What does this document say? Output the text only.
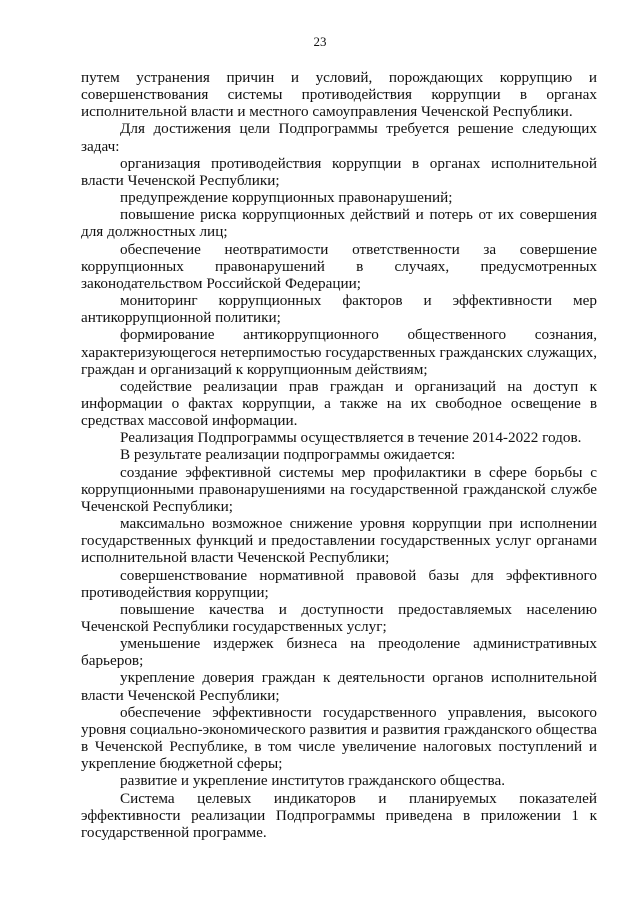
23

путем устранения причин и условий, порождающих коррупцию и совершенствования системы противодействия коррупции в органах исполнительной власти и местного самоуправления Чеченской Республики.

Для достижения цели Подпрограммы требуется решение следующих задач:

организация противодействия коррупции в органах исполнительной власти Чеченской Республики;

предупреждение коррупционных правонарушений;

повышение риска коррупционных действий и потерь от их совершения для должностных лиц;

обеспечение неотвратимости ответственности за совершение коррупционных правонарушений в случаях, предусмотренных законодательством Российской Федерации;

мониторинг коррупционных факторов и эффективности мер антикоррупционной политики;

формирование антикоррупционного общественного сознания, характеризующегося нетерпимостью государственных гражданских служащих, граждан и организаций к коррупционным действиям;

содействие реализации прав граждан и организаций на доступ к информации о фактах коррупции, а также на их свободное освещение в средствах массовой информации.

Реализация Подпрограммы осуществляется в течение 2014-2022 годов.

В результате реализации подпрограммы ожидается:

создание эффективной системы мер профилактики в сфере борьбы с коррупционными правонарушениями на государственной гражданской службе Чеченской Республики;

максимально возможное снижение уровня коррупции при исполнении государственных функций и предоставлении государственных услуг органами исполнительной власти Чеченской Республики;

совершенствование нормативной правовой базы для эффективного противодействия коррупции;

повышение качества и доступности предоставляемых населению Чеченской Республики государственных услуг;

уменьшение издержек бизнеса на преодоление административных барьеров;

укрепление доверия граждан к деятельности органов исполнительной власти Чеченской Республики;

обеспечение эффективности государственного управления, высокого уровня социально-экономического развития и развития гражданского общества в Чеченской Республике, в том числе увеличение налоговых поступлений и укрепление бюджетной сферы;

развитие и укрепление институтов гражданского общества.

Система целевых индикаторов и планируемых показателей эффективности реализации Подпрограммы приведена в приложении 1 к государственной программе.
